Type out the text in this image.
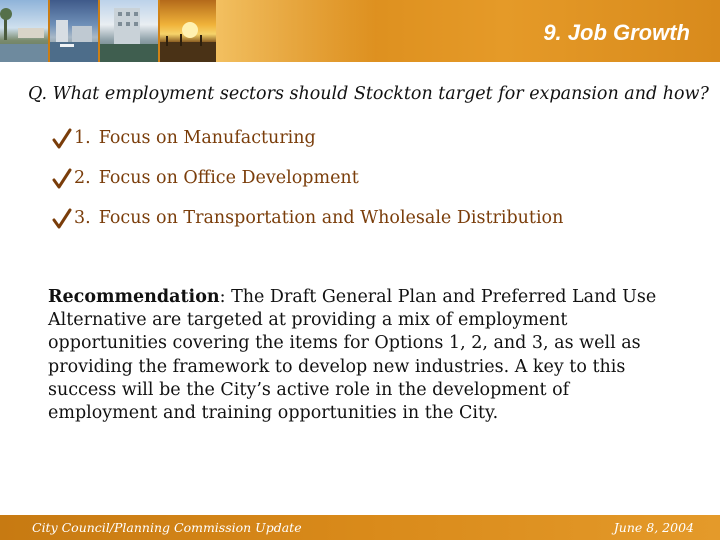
9. Job Growth
Q. What employment sectors should Stockton target for expansion and how?
1. Focus on Manufacturing
2. Focus on Office Development
3. Focus on Transportation and Wholesale Distribution
Recommendation: The Draft General Plan and Preferred Land Use Alternative are targeted at providing a mix of employment opportunities covering the items for Options 1, 2, and 3, as well as providing the framework to develop new industries. A key to this success will be the City’s active role in the development of employment and training opportunities in the City.
City Council/Planning Commission Update	June 8, 2004
